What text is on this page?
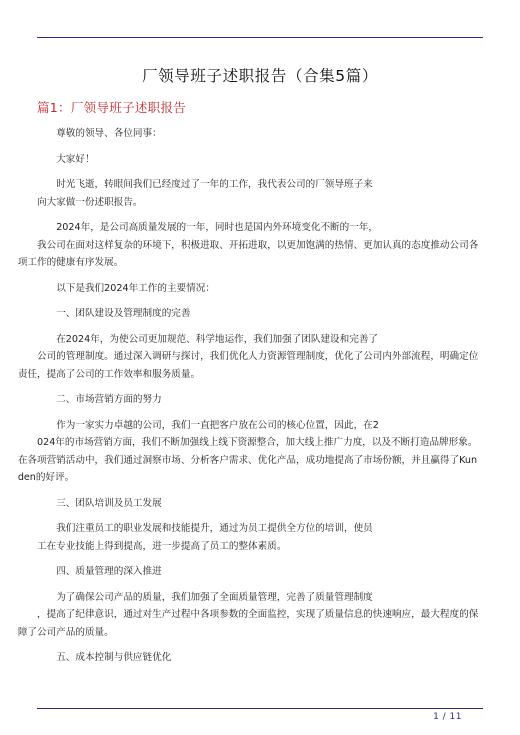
厂领导班子述职报告（合集5篇）
篇1：厂领导班子述职报告

尊敬的领导、各位同事：

大家好！

时光飞逝，转眼间我们已经度过了一年的工作，我代表公司的厂领导班子来
向大家做一份述职报告。

2024年，是公司高质量发展的一年，同时也是国内外环境变化不断的一年，
我公司在面对这样复杂的环境下，积极进取、开拓进取，以更加饱满的热情、更加认真的态度推动公司各项工作的健康有序发展。

以下是我们2024年工作的主要情况：

一、团队建设及管理制度的完善

在2024年，为使公司更加规范、科学地运作，我们加强了团队建设和完善了
公司的管理制度。通过深入调研与探讨，我们优化人力资源管理制度，优化了公司内外部流程，明确定位责任，提高了公司的工作效率和服务质量。

二、市场营销方面的努力

作为一家实力卓越的公司，我们一直把客户放在公司的核心位置，因此，在2
024年的市场营销方面，我们不断加强线上线下资源整合，加大线上推广力度，以及不断打造品牌形象。在各项营销活动中，我们通过洞察市场、分析客户需求、优化产品，成功地提高了市场份额，并且赢得了Kunden的好评。

三、团队培训及员工发展

我们注重员工的职业发展和技能提升，通过为员工提供全方位的培训，使员
工在专业技能上得到提高，进一步提高了员工的整体素质。

四、质量管理的深入推进

为了确保公司产品的质量，我们加强了全面质量管理，完善了质量管理制度
，提高了纪律意识，通过对生产过程中各项参数的全面监控，实现了质量信息的快速响应，最大程度的保障了公司产品的质量。

五、成本控制与供应链优化

1 / 11
